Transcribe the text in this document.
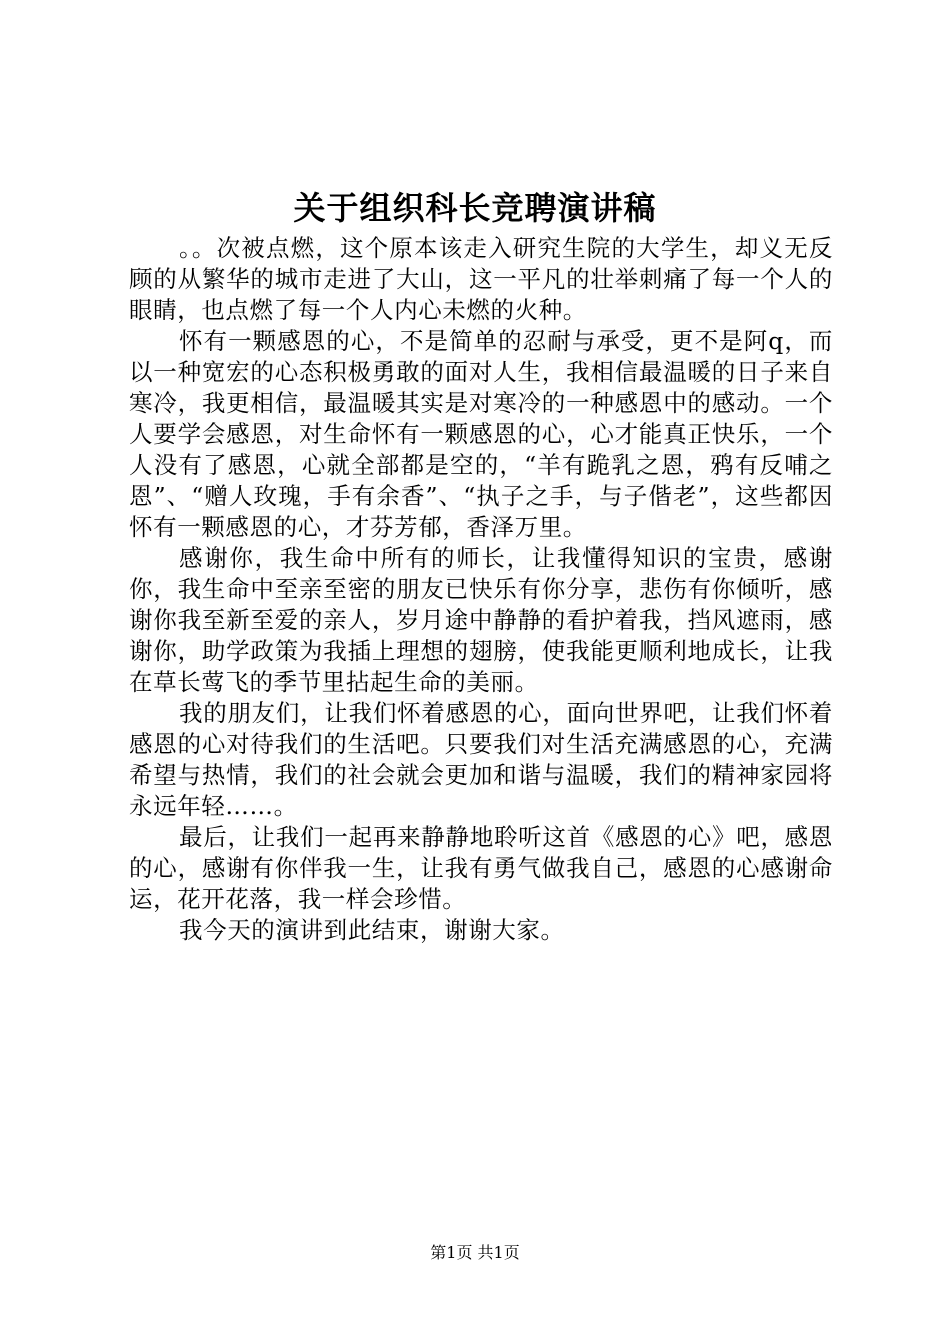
关于组织科长竞聘演讲稿

。。次被点燃，这个原本该走入研究生院的大学生，却义无反顾的从繁华的城市走进了大山，这一平凡的壮举刺痛了每一个人的眼睛，也点燃了每一个人内心未燃的火种。

怀有一颗感恩的心，不是简单的忍耐与承受，更不是阿q，而以一种宽宏的心态积极勇敢的面对人生，我相信最温暖的日子来自寒冷，我更相信，最温暖其实是对寒冷的一种感恩中的感动。一个人要学会感恩，对生命怀有一颗感恩的心，心才能真正快乐，一个人没有了感恩，心就全部都是空的，“羊有跪乳之恩，鸦有反哺之恩”、“赠人玫瑰，手有余香”、“执子之手，与子偕老”，这些都因怀有一颗感恩的心，才芬芳郁，香泽万里。

感谢你，我生命中所有的师长，让我懂得知识的宝贵，感谢你，我生命中至亲至密的朋友已快乐有你分享，悲伤有你倾听，感谢你我至新至爱的亲人，岁月途中静静的看护着我，挡风遮雨，感谢你，助学政策为我插上理想的翅膀，使我能更顺利地成长，让我在草长莺飞的季节里拈起生命的美丽。

我的朋友们，让我们怀着感恩的心，面向世界吧，让我们怀着感恩的心对待我们的生活吧。只要我们对生活充满感恩的心，充满希望与热情，我们的社会就会更加和谐与温暖，我们的精神家园将永远年轻……。

最后，让我们一起再来静静地聆听这首《感恩的心》吧，感恩的心，感谢有你伴我一生，让我有勇气做我自己，感恩的心感谢命运，花开花落，我一样会珍惜。

我今天的演讲到此结束，谢谢大家。

第1页 共1页
